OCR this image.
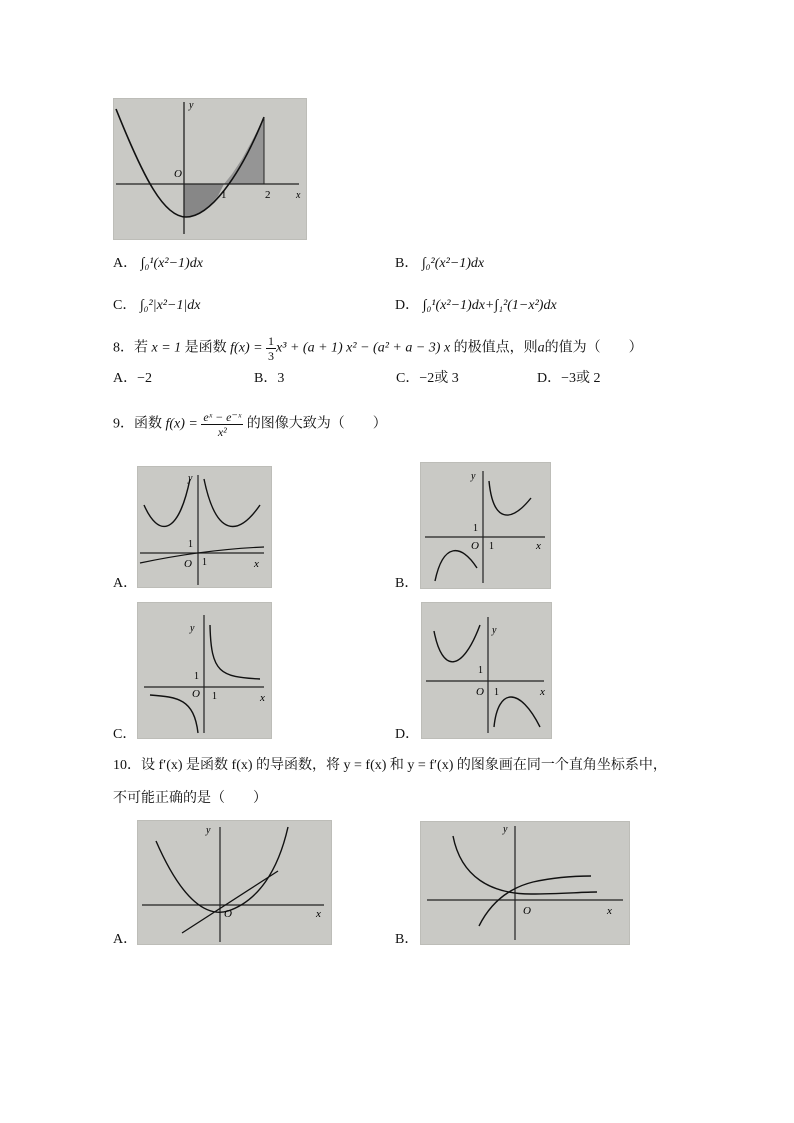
O
y
x
1	2
A． ∫₀¹(x²−1)dx	B． ∫₀²(x²−1)dx
C． ∫₀²|x²−1|dx	D． ∫₀¹(x²−1)dx+∫₁²(1−x²)dx
8．若 x = 1 是函数 $f(x) = \frac{1}{3} x^3 + (a + 1) x^2 - (a^2 + a - 3)$ x 的极值点，则a的值为（　　）
A．−2	B．3	C．−2或 3	D．−3或 2
9．函数 $f(x) = \frac{\text{eˣ − e⁻ˣ}}{\text{x²}}$ 的图像大致为（　　）
O
1
1
y
x
A．
O
1
1
y
x
B．
O
1
1
y
x
C．
O
1
1
y
x
D．
10．设 f′(x) 是函数 f(x) 的导函数，将 y = f(x) 和 y = f′(x) 的图象画在同一个直角坐标系中，
不可能正确的是（　　）
O
y
x
A．
O
y
x
B．
